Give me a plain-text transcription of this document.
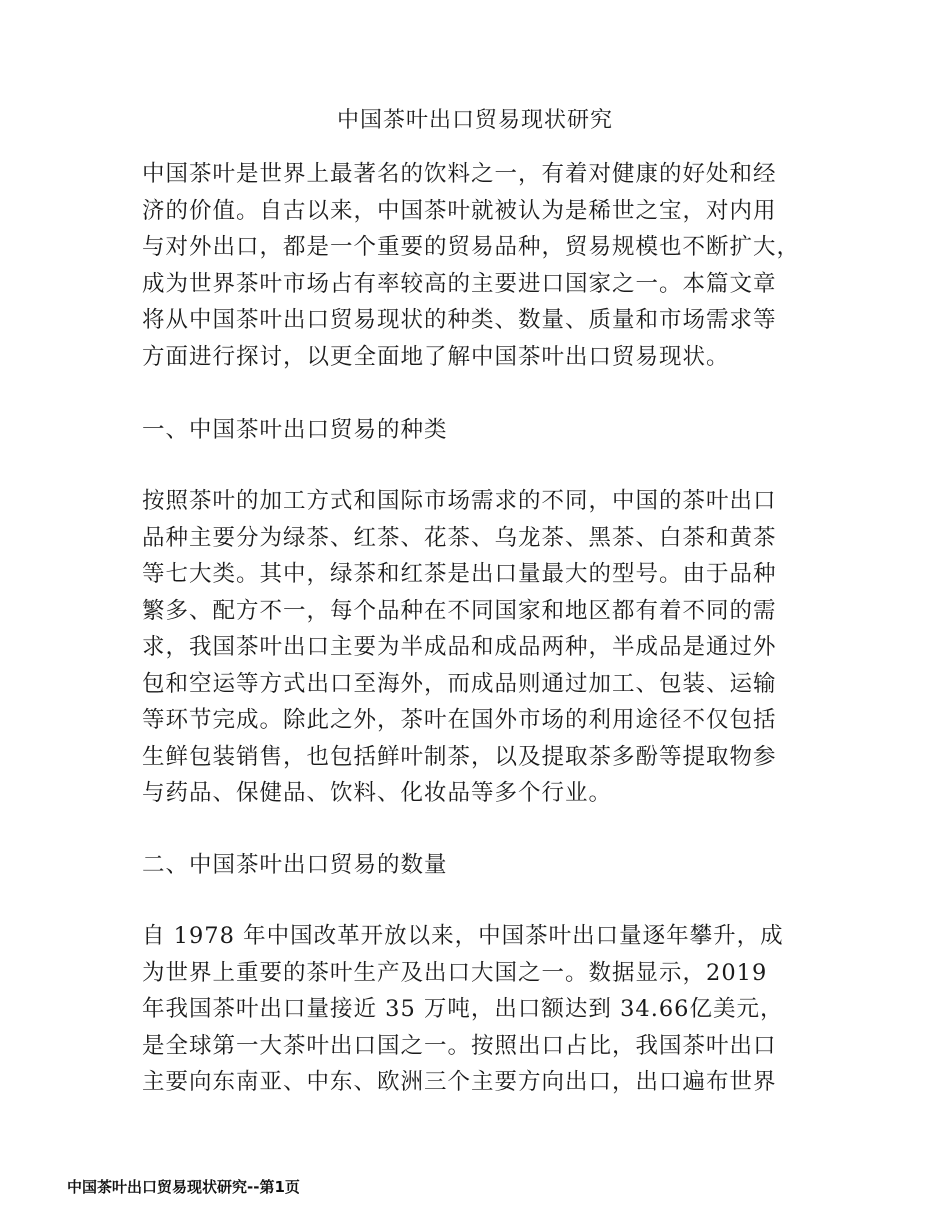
中国茶叶出口贸易现状研究
中国茶叶是世界上最著名的饮料之一，有着对健康的好处和经
济的价值。自古以来，中国茶叶就被认为是稀世之宝，对内用
与对外出口，都是一个重要的贸易品种，贸易规模也不断扩大，
成为世界茶叶市场占有率较高的主要进口国家之一。本篇文章
将从中国茶叶出口贸易现状的种类、数量、质量和市场需求等
方面进行探讨，以更全面地了解中国茶叶出口贸易现状。
一、中国茶叶出口贸易的种类
按照茶叶的加工方式和国际市场需求的不同，中国的茶叶出口
品种主要分为绿茶、红茶、花茶、乌龙茶、黑茶、白茶和黄茶
等七大类。其中，绿茶和红茶是出口量最大的型号。由于品种
繁多、配方不一，每个品种在不同国家和地区都有着不同的需
求，我国茶叶出口主要为半成品和成品两种，半成品是通过外
包和空运等方式出口至海外，而成品则通过加工、包装、运输
等环节完成。除此之外，茶叶在国外市场的利用途径不仅包括
生鲜包装销售，也包括鲜叶制茶，以及提取茶多酚等提取物参
与药品、保健品、饮料、化妆品等多个行业。
二、中国茶叶出口贸易的数量
自 1978 年中国改革开放以来，中国茶叶出口量逐年攀升，成
为世界上重要的茶叶生产及出口大国之一。数据显示，2019
年我国茶叶出口量接近 35 万吨，出口额达到 34.66亿美元，
是全球第一大茶叶出口国之一。按照出口占比，我国茶叶出口
主要向东南亚、中东、欧洲三个主要方向出口，出口遍布世界
中国茶叶出口贸易现状研究--第1页
